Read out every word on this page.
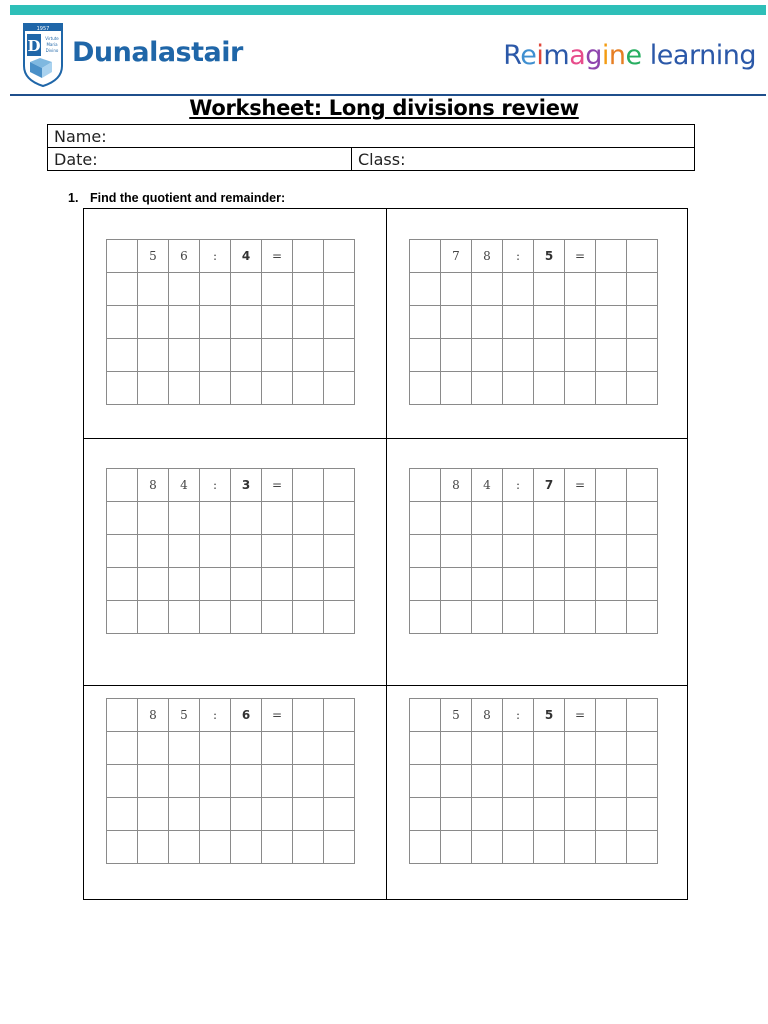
1957
D Virtute
Maria
Divino Dunalastair	Reimagine learning
Worksheet: Long divisions review
Name:
Date:	Class:
1. Find the quotient and remainder:
	5	6	:	4	=		

		7	8	:	5	=		

	8	4	:	3	=		

		8	4	:	7	=		

	8	5	:	6	=		

		5	8	:	5	=		
